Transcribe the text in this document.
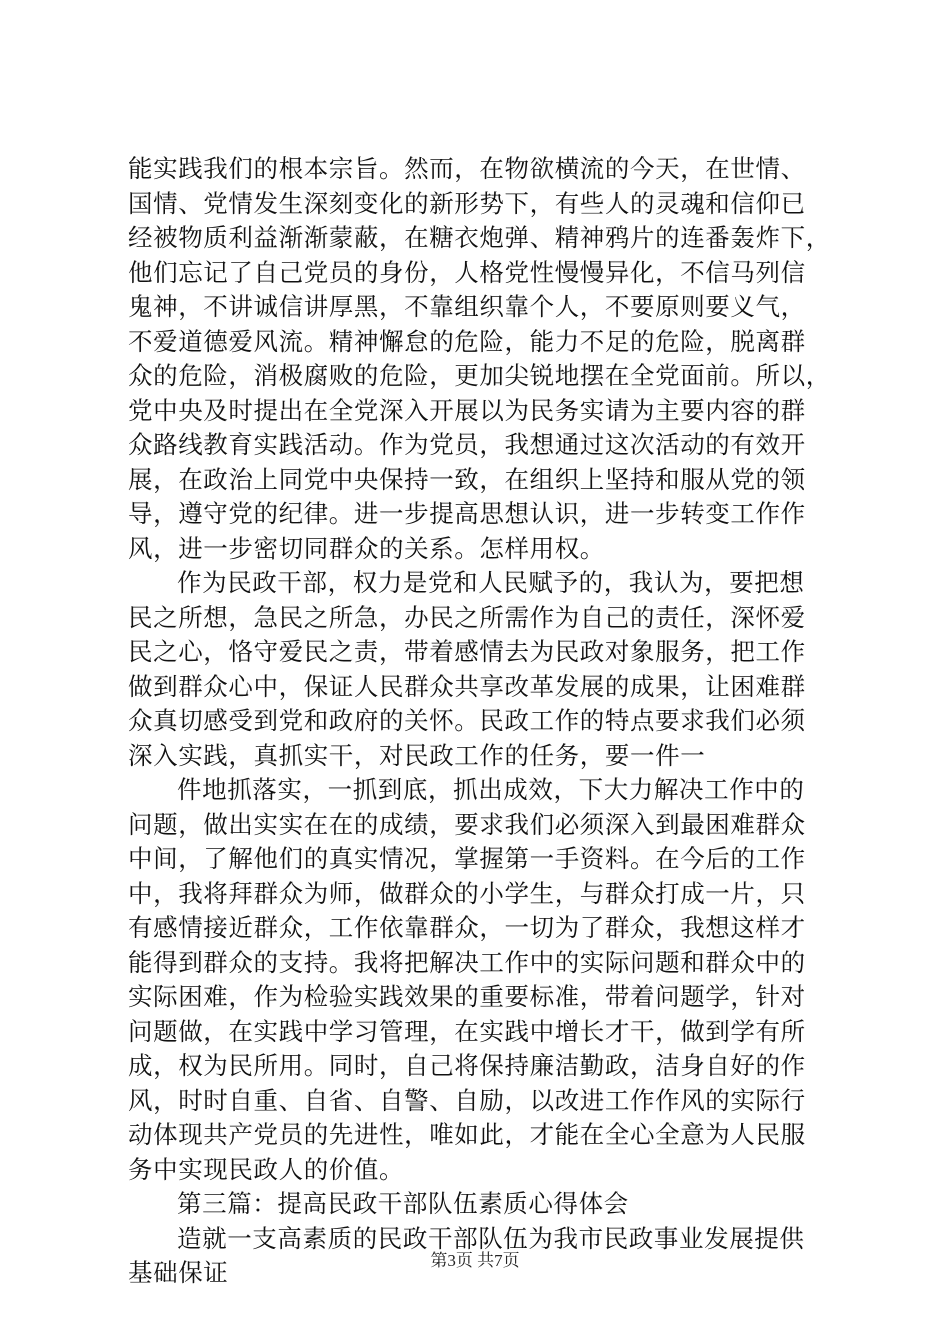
能实践我们的根本宗旨。然而，在物欲横流的今天，在世情、
国情、党情发生深刻变化的新形势下，有些人的灵魂和信仰已
经被物质利益渐渐蒙蔽，在糖衣炮弹、精神鸦片的连番轰炸下，
他们忘记了自己党员的身份，人格党性慢慢异化，不信马列信
鬼神，不讲诚信讲厚黑，不靠组织靠个人，不要原则要义气，
不爱道德爱风流。精神懈怠的危险，能力不足的危险，脱离群
众的危险，消极腐败的危险，更加尖锐地摆在全党面前。所以，
党中央及时提出在全党深入开展以为民务实请为主要内容的群
众路线教育实践活动。作为党员，我想通过这次活动的有效开
展，在政治上同党中央保持一致，在组织上坚持和服从党的领
导，遵守党的纪律。进一步提高思想认识，进一步转变工作作
风，进一步密切同群众的关系。怎样用权。
作为民政干部，权力是党和人民赋予的，我认为，要把想
民之所想，急民之所急，办民之所需作为自己的责任，深怀爱
民之心，恪守爱民之责，带着感情去为民政对象服务，把工作
做到群众心中，保证人民群众共享改革发展的成果，让困难群
众真切感受到党和政府的关怀。民政工作的特点要求我们必须
深入实践，真抓实干，对民政工作的任务，要一件一
件地抓落实，一抓到底，抓出成效，下大力解决工作中的
问题，做出实实在在的成绩，要求我们必须深入到最困难群众
中间，了解他们的真实情况，掌握第一手资料。在今后的工作
中，我将拜群众为师，做群众的小学生，与群众打成一片，只
有感情接近群众，工作依靠群众，一切为了群众，我想这样才
能得到群众的支持。我将把解决工作中的实际问题和群众中的
实际困难，作为检验实践效果的重要标准，带着问题学，针对
问题做，在实践中学习管理，在实践中增长才干，做到学有所
成，权为民所用。同时，自己将保持廉洁勤政，洁身自好的作
风，时时自重、自省、自警、自励，以改进工作作风的实际行
动体现共产党员的先进性，唯如此，才能在全心全意为人民服
务中实现民政人的价值。
第三篇：提高民政干部队伍素质心得体会
造就一支高素质的民政干部队伍为我市民政事业发展提供
基础保证	第3页 共7页
